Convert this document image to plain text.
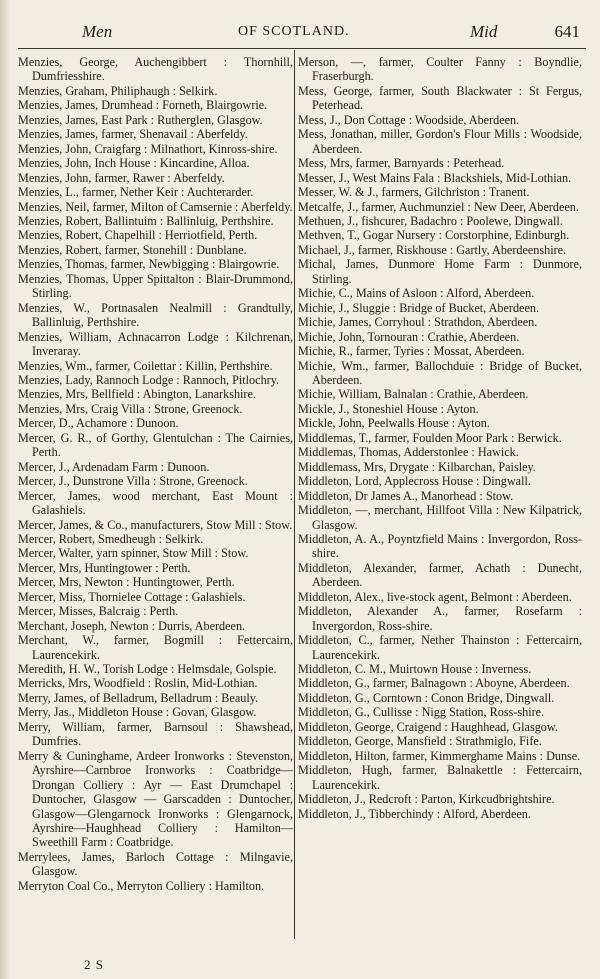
Men	OF SCOTLAND.	Mid	641

Menzies, George, Auchengibbert : Thornhill, Dumfriesshire.

Menzies, Graham, Philiphaugh : Selkirk.

Menzies, James, Drumhead : Forneth, Blairgowrie.

Menzies, James, East Park : Rutherglen, Glasgow.

Menzies, James, farmer, Shenavail : Aberfeldy.

Menzies, John, Craigfarg : Milnathort, Kinross-shire.

Menzies, John, Inch House : Kincardine, Alloa.

Menzies, John, farmer, Rawer : Aberfeldy.

Menzies, L., farmer, Nether Keir : Auchterarder.

Menzies, Neil, farmer, Milton of Camsernie : Aberfeldy.

Menzies, Robert, Ballintuim : Ballinluig, Perthshire.

Menzies, Robert, Chapelhill : Herriotfield, Perth.

Menzies, Robert, farmer, Stonehill : Dunblane.

Menzies, Thomas, farmer, Newbigging : Blairgowrie.

Menzies, Thomas, Upper Spittalton : Blair-Drummond, Stirling.

Menzies, W., Portnasalen Nealmill : Grandtully, Ballinluig, Perthshire.

Menzies, William, Achnacarron Lodge : Kilchrenan, Inveraray.

Menzies, Wm., farmer, Coilettar : Killin, Perthshire.

Menzies, Lady, Rannoch Lodge : Rannoch, Pitlochry.

Menzies, Mrs, Bellfield : Abington, Lanarkshire.

Menzies, Mrs, Craig Villa : Strone, Greenock.

Mercer, D., Achamore : Dunoon.

Mercer, G. R., of Gorthy, Glentulchan : The Cairnies, Perth.

Mercer, J., Ardenadam Farm : Dunoon.

Mercer, J., Dunstrone Villa : Strone, Greenock.

Mercer, James, wood merchant, East Mount : Galashiels.

Mercer, James, & Co., manufacturers, Stow Mill : Stow.

Mercer, Robert, Smedheugh : Selkirk.

Mercer, Walter, yarn spinner, Stow Mill : Stow.

Mercer, Mrs, Huntingtower : Perth.

Mercer, Mrs, Newton : Huntingtower, Perth.

Mercer, Miss, Thornielee Cottage : Galashiels.

Mercer, Misses, Balcraig : Perth.

Merchant, Joseph, Newton : Durris, Aberdeen.

Merchant, W., farmer, Bogmill : Fettercairn, Laurencekirk.

Meredith, H. W., Torish Lodge : Helmsdale, Golspie.

Merricks, Mrs, Woodfield : Roslin, Mid-Lothian.

Merry, James, of Belladrum, Belladrum : Beauly.

Merry, Jas., Middleton House : Govan, Glasgow.

Merry, William, farmer, Barnsoul : Shawshead, Dumfries.

Merry & Cuninghame, Ardeer Ironworks : Stevenston, Ayrshire—Carnbroe Ironworks : Coatbridge—Drongan Colliery : Ayr — East Drumchapel : Duntocher, Glasgow — Garscadden : Duntocher, Glasgow—Glengarnock Ironworks : Glengarnock, Ayrshire—Haughhead Colliery : Hamilton—Sweethill Farm : Coatbridge.

Merrylees, James, Barloch Cottage : Milngavie, Glasgow.

Merryton Coal Co., Merryton Colliery : Hamilton.

Merson, —, farmer, Coulter Fanny : Boyndlie, Fraserburgh.

Mess, George, farmer, South Blackwater : St Fergus, Peterhead.

Mess, J., Don Cottage : Woodside, Aberdeen.

Mess, Jonathan, miller, Gordon's Flour Mills : Woodside, Aberdeen.

Mess, Mrs, farmer, Barnyards : Peterhead.

Messer, J., West Mains Fala : Blackshiels, Mid-Lothian.

Messer, W. & J., farmers, Gilchriston : Tranent.

Metcalfe, J., farmer, Auchmunziel : New Deer, Aberdeen.

Methuen, J., fishcurer, Badachro : Poolewe, Dingwall.

Methven, T., Gogar Nursery : Corstorphine, Edinburgh.

Michael, J., farmer, Riskhouse : Gartly, Aberdeenshire.

Michal, James, Dunmore Home Farm : Dunmore, Stirling.

Michie, C., Mains of Asloon : Alford, Aberdeen.

Michie, J., Sluggie : Bridge of Bucket, Aberdeen.

Michie, James, Corryhoul : Strathdon, Aberdeen.

Michie, John, Tornouran : Crathie, Aberdeen.

Michie, R., farmer, Tyries : Mossat, Aberdeen.

Michie, Wm., farmer, Ballochduie : Bridge of Bucket, Aberdeen.

Michie, William, Balnalan : Crathie, Aberdeen.

Mickle, J., Stoneshiel House : Ayton.

Mickle, John, Peelwalls House : Ayton.

Middlemas, T., farmer, Foulden Moor Park : Berwick.

Middlemas, Thomas, Adderstonlee : Hawick.

Middlemass, Mrs, Drygate : Kilbarchan, Paisley.

Middleton, Lord, Applecross House : Dingwall.

Middleton, Dr James A., Manorhead : Stow.

Middleton, —, merchant, Hillfoot Villa : New Kilpatrick, Glasgow.

Middleton, A. A., Poyntzfield Mains : Invergordon, Ross-shire.

Middleton, Alexander, farmer, Achath : Dunecht, Aberdeen.

Middleton, Alex., live-stock agent, Belmont : Aberdeen.

Middleton, Alexander A., farmer, Rosefarm : Invergordon, Ross-shire.

Middleton, C., farmer, Nether Thainston : Fettercairn, Laurencekirk.

Middleton, C. M., Muirtown House : Inverness.

Middleton, G., farmer, Balnagown : Aboyne, Aberdeen.

Middleton, G., Corntown : Conon Bridge, Dingwall.

Middleton, G., Cullisse : Nigg Station, Ross-shire.

Middleton, George, Craigend : Haughhead, Glasgow.

Middleton, George, Mansfield : Strathmiglo, Fife.

Middleton, Hilton, farmer, Kimmerghame Mains : Dunse.

Middleton, Hugh, farmer, Balnakettle : Fettercairn, Laurencekirk.

Middleton, J., Redcroft : Parton, Kirkcudbrightshire.

Middleton, J., Tibberchindy : Alford, Aberdeen.

2 S
